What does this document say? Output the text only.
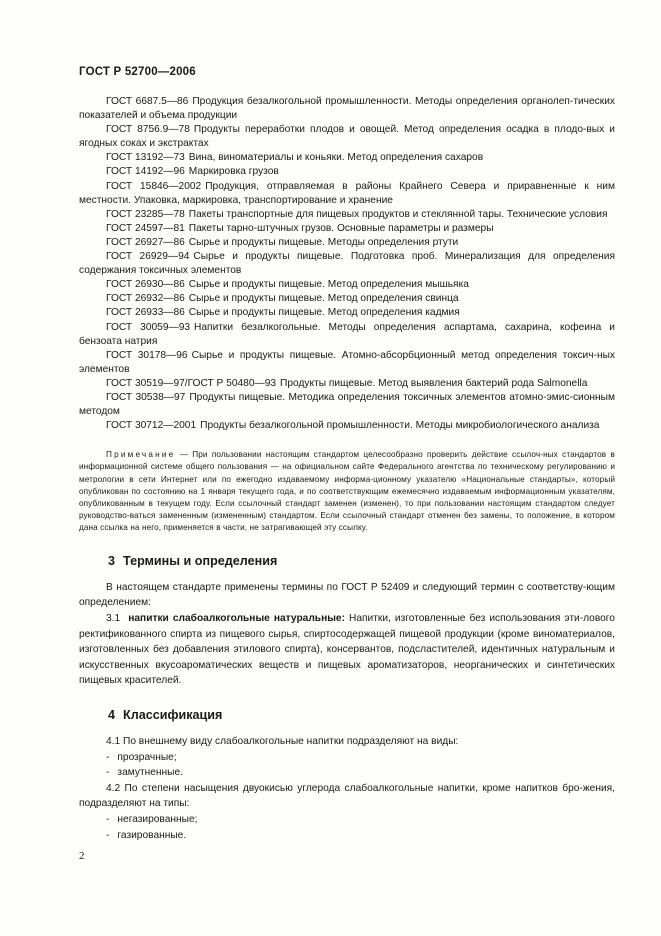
ГОСТ Р 52700—2006

ГОСТ 6687.5—86 Продукция безалкогольной промышленности. Методы определения органолеп-тических показателей и объема продукции

ГОСТ 8756.9—78 Продукты переработки плодов и овощей. Метод определения осадка в плодо-вых и ягодных соках и экстрактах

ГОСТ 13192—73 Вина, виноматериалы и коньяки. Метод определения сахаров

ГОСТ 14192—96 Маркировка грузов

ГОСТ 15846—2002 Продукция, отправляемая в районы Крайнего Севера и приравненные к ним местности. Упаковка, маркировка, транспортирование и хранение

ГОСТ 23285—78 Пакеты транспортные для пищевых продуктов и стеклянной тары. Технические условия

ГОСТ 24597—81 Пакеты тарно-штучных грузов. Основные параметры и размеры

ГОСТ 26927—86 Сырье и продукты пищевые. Методы определения ртути

ГОСТ 26929—94 Сырье и продукты пищевые. Подготовка проб. Минерализация для определения содержания токсичных элементов

ГОСТ 26930—86 Сырье и продукты пищевые. Метод определения мышьяка

ГОСТ 26932—86 Сырье и продукты пищевые. Метод определения свинца

ГОСТ 26933—86 Сырье и продукты пищевые. Метод определения кадмия

ГОСТ 30059—93 Напитки безалкогольные. Методы определения аспартама, сахарина, кофеина и бензоата натрия

ГОСТ 30178—96 Сырье и продукты пищевые. Атомно-абсорбционный метод определения токсич-ных элементов

ГОСТ 30519—97/ГОСТ Р 50480—93 Продукты пищевые. Метод выявления бактерий рода Salmonella

ГОСТ 30538—97 Продукты пищевые. Методика определения токсичных элементов атомно-эмис-сионным методом

ГОСТ 30712—2001 Продукты безалкогольной промышленности. Методы микробиологического анализа

Примечание — При пользовании настоящим стандартом целесообразно проверить действие ссылоч-ных стандартов в информационной системе общего пользования — на официальном сайте Федерального агентства по техническому регулированию и метрологии в сети Интернет или по ежегодно издаваемому информа-ционному указателю «Национальные стандарты», который опубликован по состоянию на 1 января текущего года, и по соответствующим ежемесячно издаваемым информационным указателям, опубликованным в текущем году. Если ссылочный стандарт заменен (изменен), то при пользовании настоящим стандартом следует руководство-ваться замененным (измененным) стандартом. Если ссылочный стандарт отменен без замены, то положение, в котором дана ссылка на него, применяется в части, не затрагивающей эту ссылку.

3 Термины и определения

В настоящем стандарте применены термины по ГОСТ Р 52409 и следующий термин с соответству-ющим определением:

3.1 напитки слабоалкогольные натуральные: Напитки, изготовленные без использования эти-лового ректификованного спирта из пищевого сырья, спиртосодержащей пищевой продукции (кроме виноматериалов, изготовленных без добавления этилового спирта), консервантов, подсластителей, идентичных натуральным и искусственных вкусоароматических веществ и пищевых ароматизаторов, неорганических и синтетических пищевых красителей.

4 Классификация

4.1 По внешнему виду слабоалкогольные напитки подразделяют на виды:

- прозрачные;

- замутненные.

4.2 По степени насыщения двуокисью углерода слабоалкогольные напитки, кроме напитков бро-жения, подразделяют на типы:

- негазированные;

- газированные.

2
